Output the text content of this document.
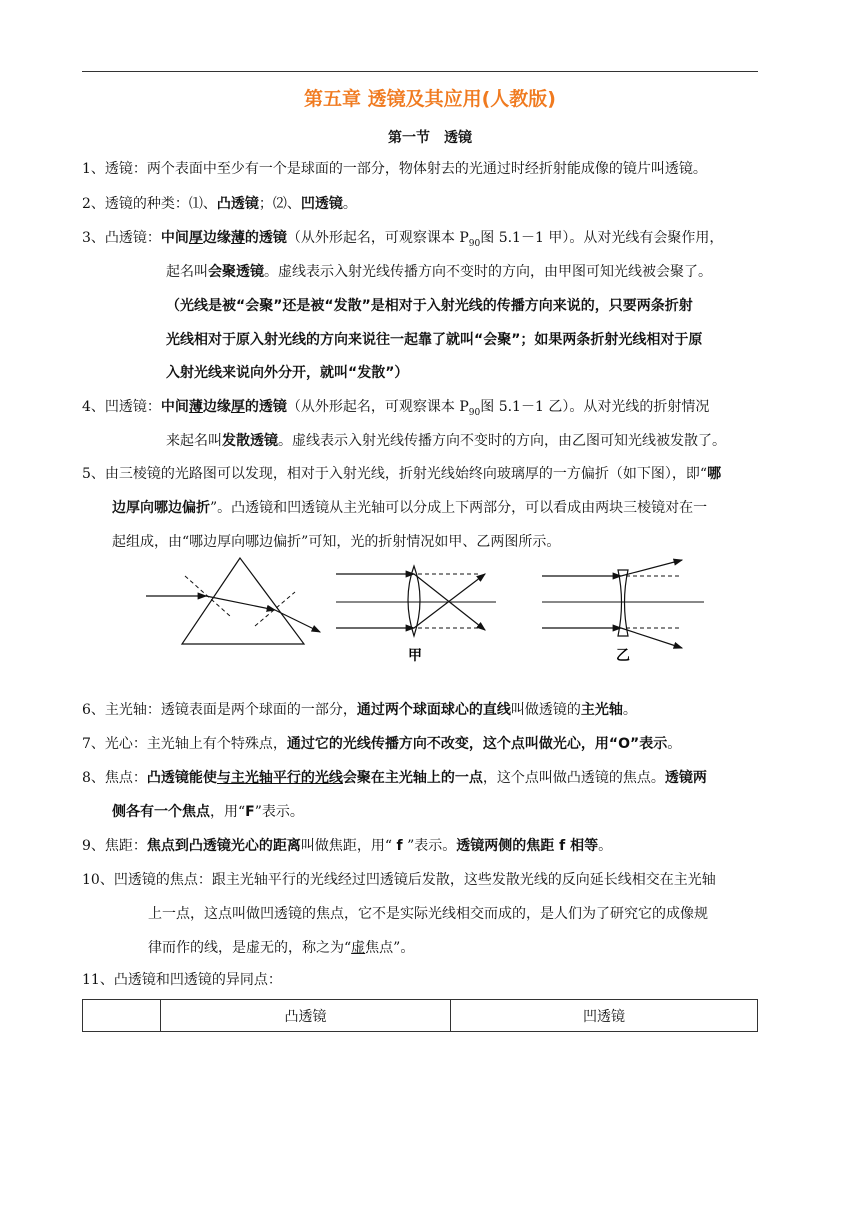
第五章 透镜及其应用(人教版)
第一节　透镜
1、透镜：两个表面中至少有一个是球面的一部分，物体射去的光通过时经折射能成像的镜片叫透镜。
2、透镜的种类：⑴、凸透镜；⑵、凹透镜。
3、凸透镜：中间厚边缘薄的透镜（从外形起名，可观察课本 $P_{90}$图 5.1－1 甲）。从对光线有会聚作用，
起名叫会聚透镜。虚线表示入射光线传播方向不变时的方向，由甲图可知光线被会聚了。
（光线是被“会聚”还是被“发散”是相对于入射光线的传播方向来说的，只要两条折射
光线相对于原入射光线的方向来说往一起靠了就叫“会聚”；如果两条折射光线相对于原
入射光线来说向外分开，就叫“发散”）
4、凹透镜：中间薄边缘厚的透镜（从外形起名，可观察课本 $P_{90}$图 5.1－1 乙）。从对光线的折射情况
来起名叫发散透镜。虚线表示入射光线传播方向不变时的方向，由乙图可知光线被发散了。
5、由三棱镜的光路图可以发现，相对于入射光线，折射光线始终向玻璃厚的一方偏折（如下图），即“哪
边厚向哪边偏折”。凸透镜和凹透镜从主光轴可以分成上下两部分，可以看成由两块三棱镜对在一
起组成，由“哪边厚向哪边偏折”可知，光的折射情况如甲、乙两图所示。
甲	乙
6、主光轴：透镜表面是两个球面的一部分，通过两个球面球心的直线叫做透镜的主光轴。
7、光心：主光轴上有个特殊点，通过它的光线传播方向不改变，这个点叫做光心，用“O”表示。
8、焦点：凸透镜能使与主光轴平行的光线会聚在主光轴上的一点，这个点叫做凸透镜的焦点。透镜两
侧各有一个焦点，用“F”表示。
9、焦距：焦点到凸透镜光心的距离叫做焦距，用“ f ”表示。透镜两侧的焦距 f 相等。
10、凹透镜的焦点：跟主光轴平行的光线经过凹透镜后发散，这些发散光线的反向延长线相交在主光轴
上一点，这点叫做凹透镜的焦点，它不是实际光线相交而成的，是人们为了研究它的成像规
律而作的线，是虚无的，称之为“虚焦点”。
11、凸透镜和凹透镜的异同点：
	凸透镜	凹透镜
